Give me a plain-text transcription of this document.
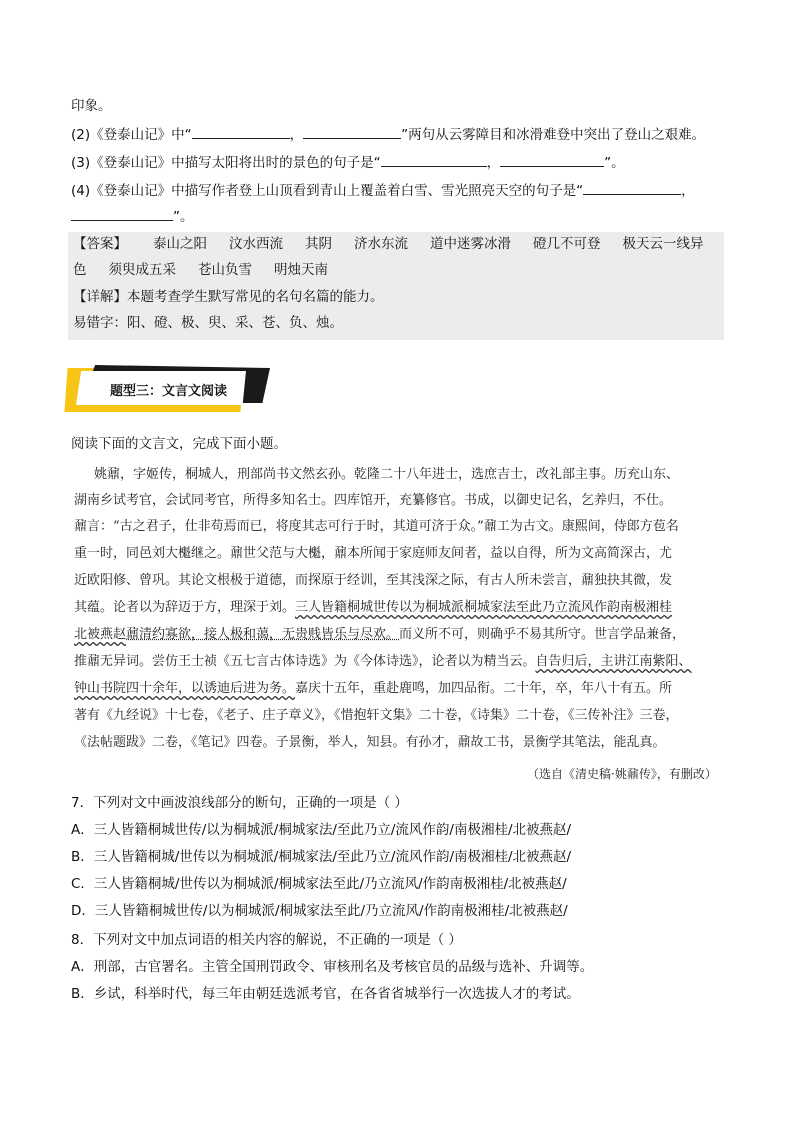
印象。
(2)《登泰山记》中“	，	”两句从云雾障目和冰滑难登中突出了登山之艰难。
(3)《登泰山记》中描写太阳将出时的景色的句子是“	，	”。
(4)《登泰山记》中描写作者登上山顶看到青山上覆盖着白雪、雪光照亮天空的句子是“	，
”。
【答案】 泰山之阳 汶水西流 其阴 济水东流 道中迷雾冰滑 磴几不可登 极天云一线异
色 须臾成五采 苍山负雪 明烛天南
【详解】本题考查学生默写常见的名句名篇的能力。
易错字：阳、磴、极、臾、采、苍、负、烛。
题型三：文言文阅读
阅读下面的文言文，完成下面小题。
姚鼐，字姬传，桐城人，刑部尚书文然玄孙。乾隆二十八年进士，选庶吉士，改礼部主事。历充山东、
湖南乡试考官，会试同考官，所得多知名士。四库馆开，充纂修官。书成，以御史记名，乞养归，不仕。
鼐言：“古之君子，仕非苟焉而已，将度其志可行于时，其道可济于众。”鼐工为古文。康熙间，侍郎方苞名
重一时，同邑刘大櫆继之。鼐世父范与大櫆，鼐本所闻于家庭师友间者，益以自得，所为文高简深古，尤
近欧阳修、曾巩。其论文根极于道德，而探原于经训，至其浅深之际，有古人所未尝言，鼐独抉其微，发
其蕴。论者以为辞迈于方，理深于刘。三人皆籍桐城世传以为桐城派桐城家法至此乃立流风作韵南极湘桂
北被燕赵鼐清约寡欲，接人极和蔼，无贵贱皆乐与尽欢。而义所不可，则确乎不易其所守。世言学品兼备，
推鼐无异词。尝仿王士祯《五七言古体诗选》为《今体诗选》，论者以为精当云。自告归后，主讲江南紫阳、
钟山书院四十余年，以诱迪后进为务。嘉庆十五年，重赴鹿鸣，加四品衔。二十年，卒，年八十有五。所
著有《九经说》十七卷，《老子、庄子章义》，《惜抱轩文集》二十卷，《诗集》二十卷，《三传补注》三卷，
《法帖题跋》二卷，《笔记》四卷。子景衡，举人，知县。有孙才，鼐故工书，景衡学其笔法，能乱真。
（选自《清史稿·姚鼐传》，有删改）
7．下列对文中画波浪线部分的断句，正确的一项是（ ）
A．三人皆籍桐城世传/以为桐城派/桐城家法/至此乃立/流风作韵/南极湘桂/北被燕赵/
B．三人皆籍桐城/世传以为桐城派/桐城家法/至此乃立/流风作韵/南极湘桂/北被燕赵/
C．三人皆籍桐城/世传以为桐城派/桐城家法至此/乃立流风/作韵南极湘桂/北被燕赵/
D．三人皆籍桐城世传/以为桐城派/桐城家法至此/乃立流风/作韵南极湘桂/北被燕赵/
8．下列对文中加点词语的相关内容的解说，不正确的一项是（ ）
A．刑部，古官署名。主管全国刑罚政令、审核刑名及考核官员的品级与选补、升调等。
B．乡试，科举时代，每三年由朝廷选派考官，在各省省城举行一次选拔人才的考试。
